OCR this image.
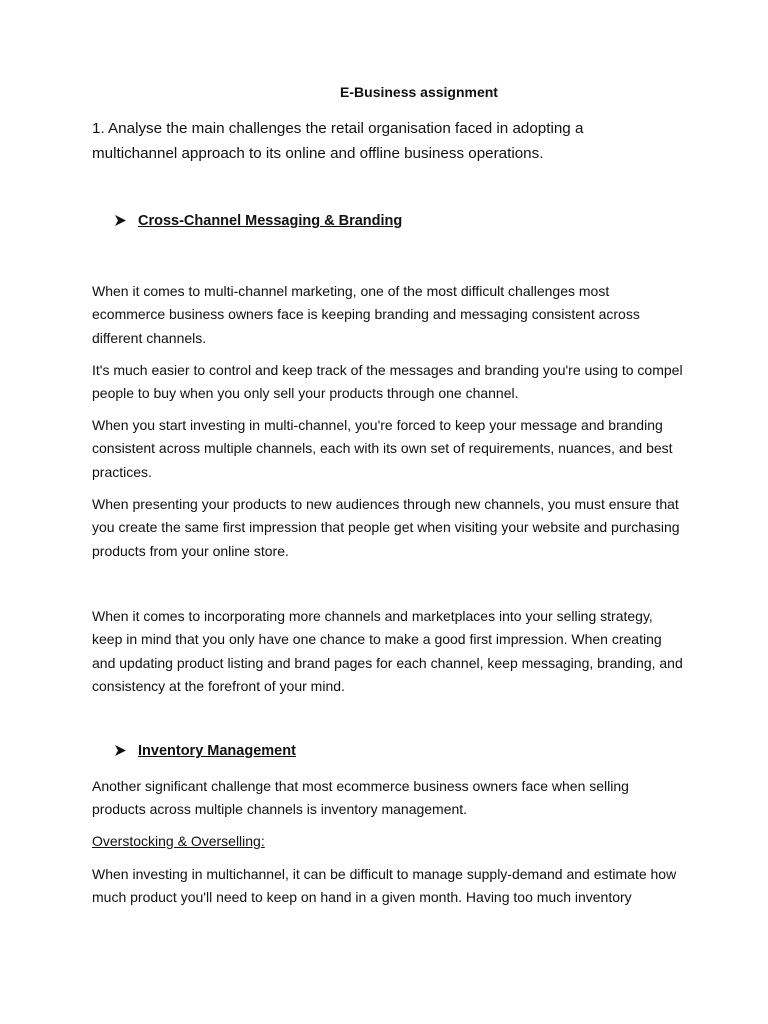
E-Business assignment

1. Analyse the main challenges the retail organisation faced in adopting a multichannel approach to its online and offline business operations.

Cross-Channel Messaging & Branding

When it comes to multi-channel marketing, one of the most difficult challenges most ecommerce business owners face is keeping branding and messaging consistent across different channels.

It's much easier to control and keep track of the messages and branding you're using to compel people to buy when you only sell your products through one channel.

When you start investing in multi-channel, you're forced to keep your message and branding consistent across multiple channels, each with its own set of requirements, nuances, and best practices.

When presenting your products to new audiences through new channels, you must ensure that you create the same first impression that people get when visiting your website and purchasing products from your online store.

When it comes to incorporating more channels and marketplaces into your selling strategy, keep in mind that you only have one chance to make a good first impression. When creating and updating product listing and brand pages for each channel, keep messaging, branding, and consistency at the forefront of your mind.

Inventory Management

Another significant challenge that most ecommerce business owners face when selling products across multiple channels is inventory management.

Overstocking & Overselling:

When investing in multichannel, it can be difficult to manage supply-demand and estimate how much product you'll need to keep on hand in a given month. Having too much inventory
